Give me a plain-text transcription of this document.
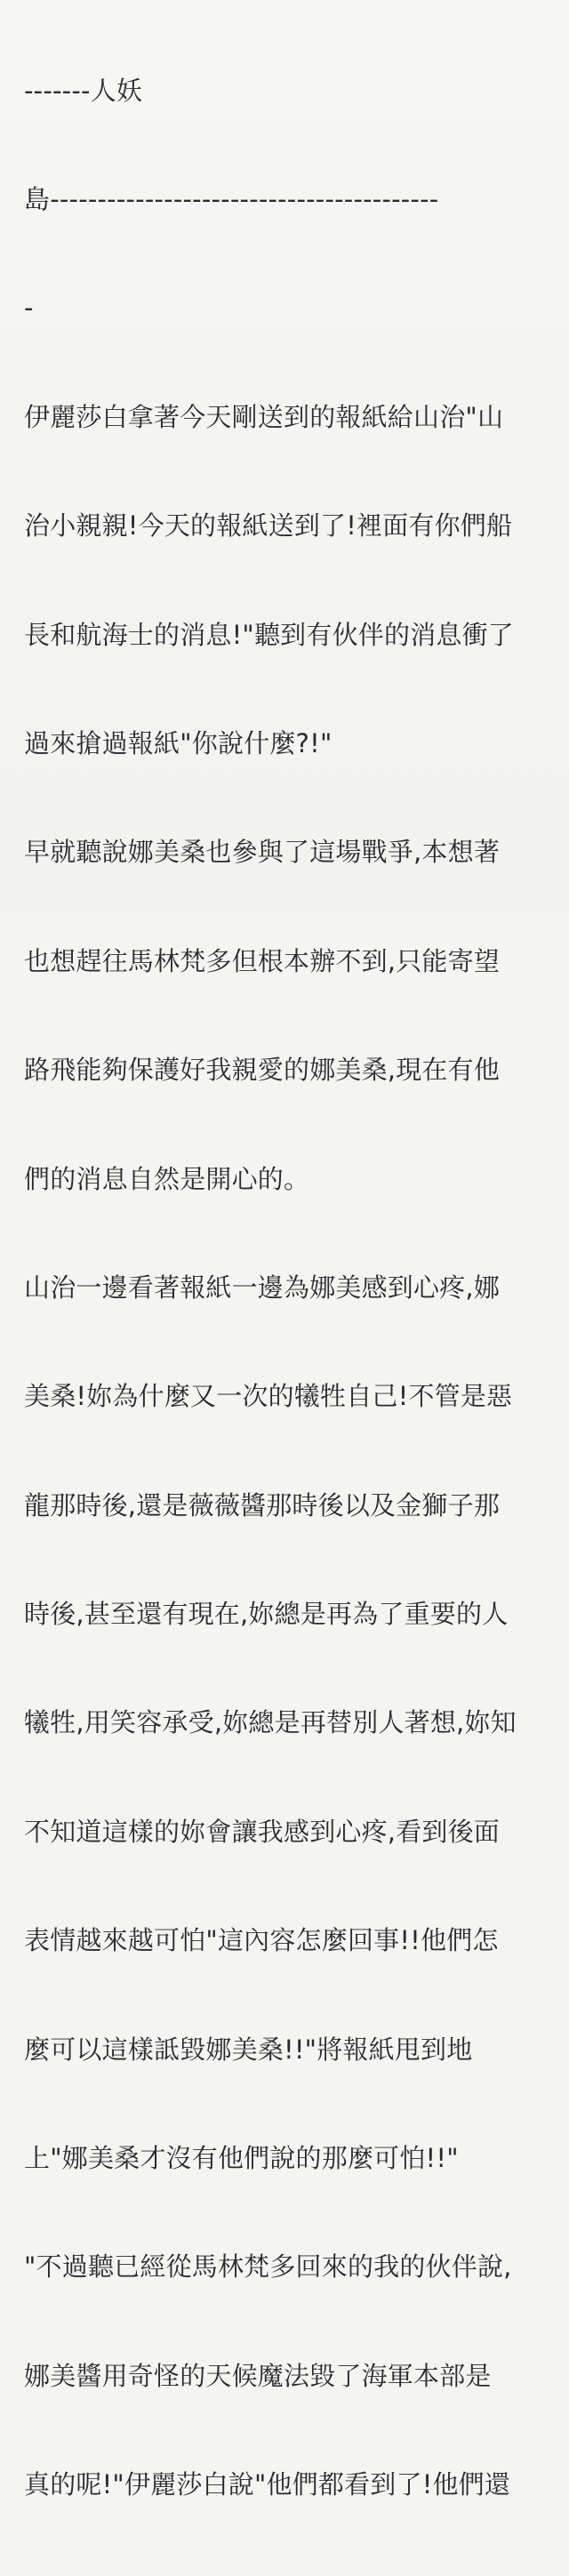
-------人妖

島-----------------------------------------

-

伊麗莎白拿著今天剛送到的報紙給山治"山

治小親親!今天的報紙送到了!裡面有你們船

長和航海士的消息!"聽到有伙伴的消息衝了

過來搶過報紙"你說什麼?!"

早就聽說娜美桑也參與了這場戰爭,本想著

也想趕往馬林梵多但根本辦不到,只能寄望

路飛能夠保護好我親愛的娜美桑,現在有他

們的消息自然是開心的。

山治一邊看著報紙一邊為娜美感到心疼,娜

美桑!妳為什麼又一次的犧牲自己!不管是惡

龍那時後,還是薇薇醬那時後以及金獅子那

時後,甚至還有現在,妳總是再為了重要的人

犧牲,用笑容承受,妳總是再替別人著想,妳知

不知道這樣的妳會讓我感到心疼,看到後面

表情越來越可怕"這內容怎麼回事!!他們怎

麼可以這樣詆毀娜美桑!!"將報紙甩到地

上"娜美桑才沒有他們說的那麼可怕!!"

"不過聽已經從馬林梵多回來的我的伙伴說,

娜美醬用奇怪的天候魔法毀了海軍本部是

真的呢!"伊麗莎白說"他們都看到了!他們還
